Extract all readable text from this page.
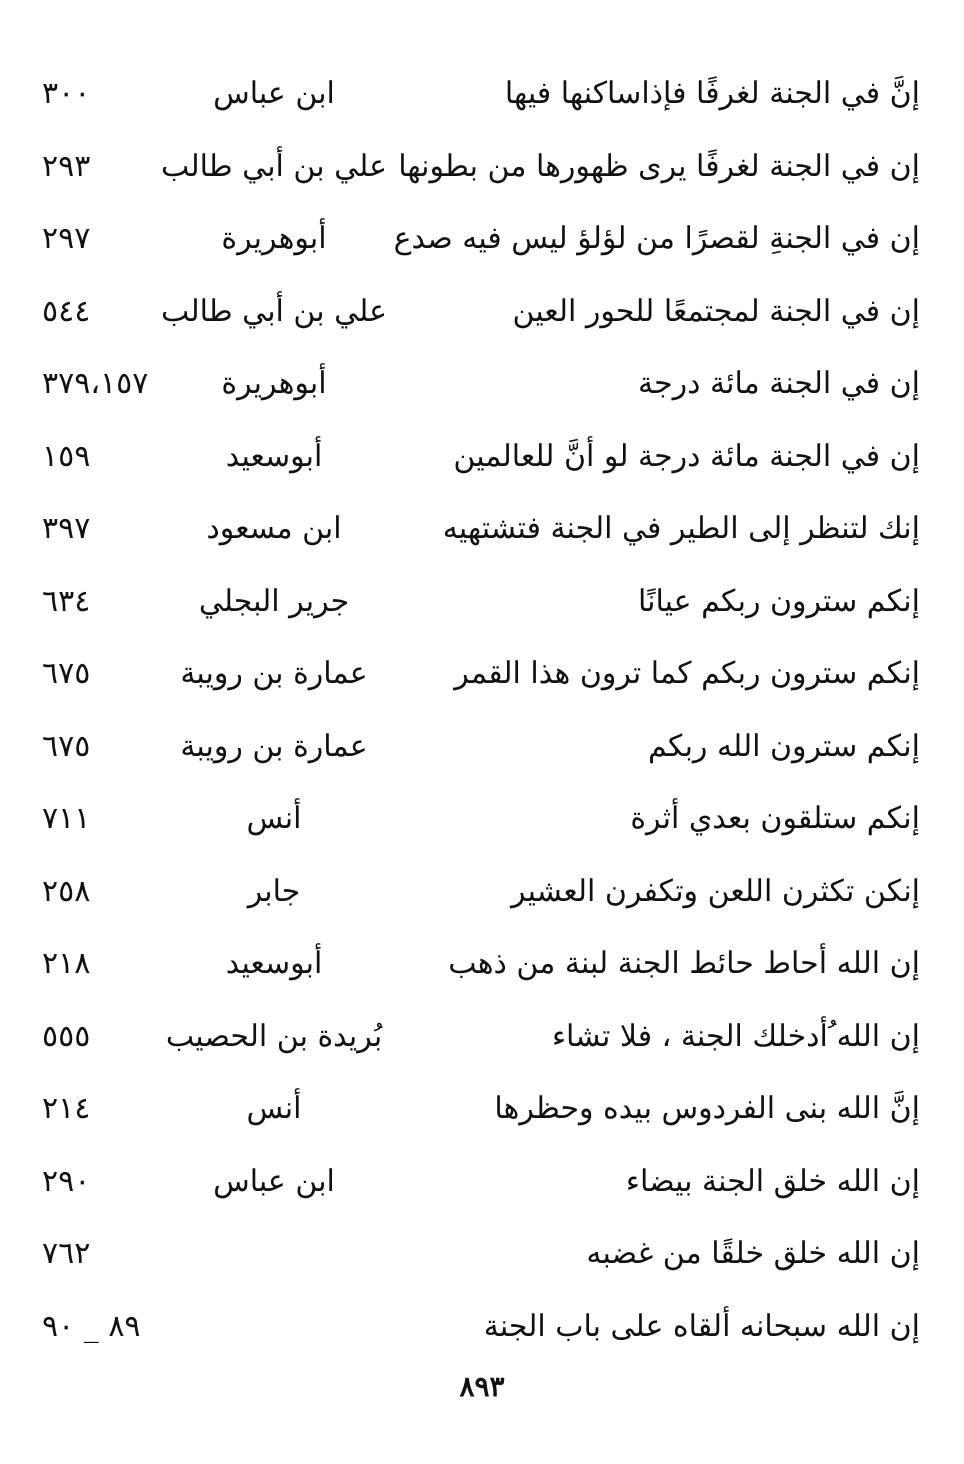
إنَّ في الجنة لغرفًا فإذاساكنها فيها
ابن عباس
٣٠٠
إن في الجنة لغرفًا يرى ظهورها من بطونها
علي بن أبي طالب
٢٩٣
إن في الجنةِ لقصرًا من لؤلؤ ليس فيه صدع
أبوهريرة
٢٩٧
إن في الجنة لمجتمعًا للحور العين
علي بن أبي طالب
٥٤٤
إن في الجنة مائة درجة
أبوهريرة
٣٧٩،١٥٧
إن في الجنة مائة درجة لو أنَّ للعالمين
أبوسعيد
١٥٩
إنك لتنظر إلى الطير في الجنة فتشتهيه
ابن مسعود
٣٩٧
إنكم سترون ربكم عيانًا
جرير البجلي
٦٣٤
إنكم سترون ربكم كما ترون هذا القمر
عمارة بن رويبة
٦٧٥
إنكم سترون الله ربكم
عمارة بن رويبة
٦٧٥
إنكم ستلقون بعدي أثرة
أنس
٧١١
إنكن تكثرن اللعن وتكفرن العشير
جابر
٢٥٨
إن الله أحاط حائط الجنة لبنة من ذهب
أبوسعيد
٢١٨
إن الله ُأدخلك الجنة ، فلا تشاء
بُريدة بن الحصيب
٥٥٥
إنَّ الله بنى الفردوس بيده وحظرها
أنس
٢١٤
إن الله خلق الجنة بيضاء
ابن عباس
٢٩٠
إن الله خلق خلقًا من غضبه
٧٦٢
إن الله سبحانه ألقاه على باب الجنة
٨٩ _ ٩٠
٨٩٣
